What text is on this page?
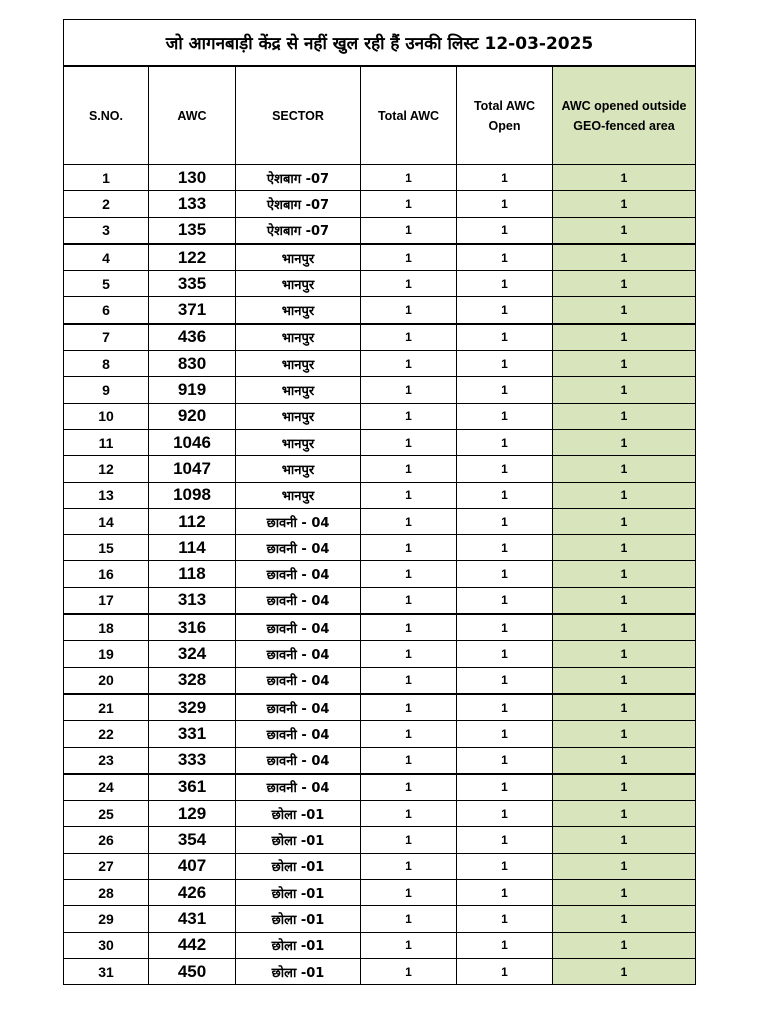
जो आगनबाड़ी केंद्र से नहीं खुल रही हैं उनकी लिस्ट 12-03-2025					
S.NO.	AWC	SECTOR	Total AWC	Total AWC Open	AWC opened outside GEO-fenced area
1	130	ऐशबाग -07	1	1	1
2	133	ऐशबाग -07	1	1	1
3	135	ऐशबाग -07	1	1	1
4	122	भानपुर	1	1	1
5	335	भानपुर	1	1	1
6	371	भानपुर	1	1	1
7	436	भानपुर	1	1	1
8	830	भानपुर	1	1	1
9	919	भानपुर	1	1	1
10	920	भानपुर	1	1	1
11	1046	भानपुर	1	1	1
12	1047	भानपुर	1	1	1
13	1098	भानपुर	1	1	1
14	112	छावनी - 04	1	1	1
15	114	छावनी - 04	1	1	1
16	118	छावनी - 04	1	1	1
17	313	छावनी - 04	1	1	1
18	316	छावनी - 04	1	1	1
19	324	छावनी - 04	1	1	1
20	328	छावनी - 04	1	1	1
21	329	छावनी - 04	1	1	1
22	331	छावनी - 04	1	1	1
23	333	छावनी - 04	1	1	1
24	361	छावनी - 04	1	1	1
25	129	छोला -01	1	1	1
26	354	छोला -01	1	1	1
27	407	छोला -01	1	1	1
28	426	छोला -01	1	1	1
29	431	छोला -01	1	1	1
30	442	छोला -01	1	1	1
31	450	छोला -01	1	1	1
